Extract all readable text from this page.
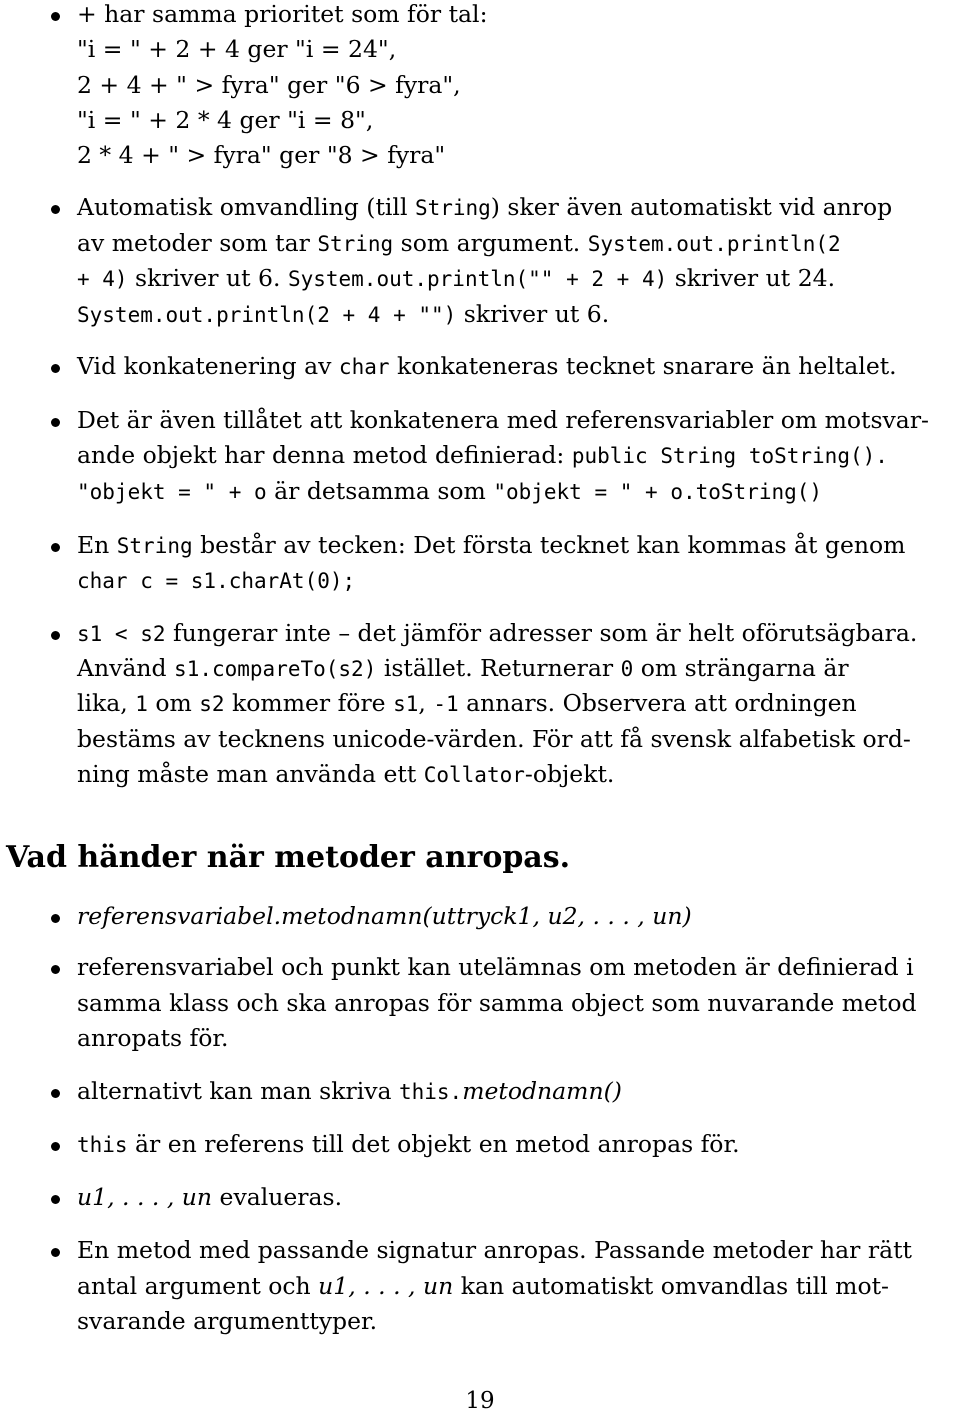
+ har samma prioritet som för tal:
"i = " + 2 + 4 ger "i = 24",
2 + 4 + " > fyra" ger "6 > fyra",
"i = " + 2 * 4 ger "i = 8",
2 * 4 + " > fyra" ger "8 > fyra"
Automatisk omvandling (till String) sker även automatiskt vid anrop
av metoder som tar String som argument. System.out.println(2
+ 4) skriver ut 6. System.out.println("" + 2 + 4) skriver ut 24.
System.out.println(2 + 4 + "") skriver ut 6.
Vid konkatenering av char konkateneras tecknet snarare än heltalet.
Det är även tillåtet att konkatenera med referensvariabler om motsvar-
ande objekt har denna metod definierad: public String toString().
"objekt = " + o är detsamma som "objekt = " + o.toString()
En String består av tecken: Det första tecknet kan kommas åt genom
char c = s1.charAt(0);
s1 < s2 fungerar inte – det jämför adresser som är helt oförutsägbara.
Använd s1.compareTo(s2) istället. Returnerar 0 om strängarna är
lika, 1 om s2 kommer före s1, -1 annars. Observera att ordningen
bestäms av tecknens unicode-värden. För att få svensk alfabetisk ord-
ning måste man använda ett Collator-objekt.
Vad händer när metoder anropas.
referensvariabel.metodnamn(uttryck1, u2, . . . , un)
referensvariabel och punkt kan utelämnas om metoden är definierad i
samma klass och ska anropas för samma object som nuvarande metod
anropats för.
alternativt kan man skriva this.metodnamn()
this är en referens till det objekt en metod anropas för.
u1, . . . , un evalueras.
En metod med passande signatur anropas. Passande metoder har rätt
antal argument och u1, . . . , un kan automatiskt omvandlas till mot-
svarande argumenttyper.
19
